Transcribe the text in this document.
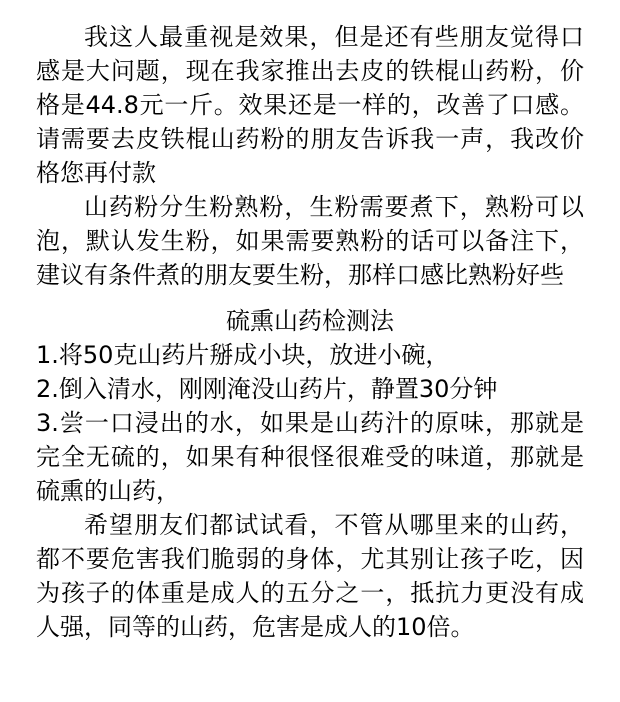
我这人最重视是效果，但是还有些朋友觉得口感是大问题，现在我家推出去皮的铁棍山药粉，价格是44.8元一斤。效果还是一样的，改善了口感。请需要去皮铁棍山药粉的朋友告诉我一声，我改价格您再付款

山药粉分生粉熟粉，生粉需要煮下，熟粉可以泡，默认发生粉，如果需要熟粉的话可以备注下，建议有条件煮的朋友要生粉，那样口感比熟粉好些

硫熏山药检测法

1.将50克山药片掰成小块，放进小碗，

2.倒入清水，刚刚淹没山药片，静置30分钟

3.尝一口浸出的水，如果是山药汁的原味，那就是完全无硫的，如果有种很怪很难受的味道，那就是硫熏的山药，

希望朋友们都试试看，不管从哪里来的山药，都不要危害我们脆弱的身体，尤其别让孩子吃，因为孩子的体重是成人的五分之一，抵抗力更没有成人强，同等的山药，危害是成人的10倍。
